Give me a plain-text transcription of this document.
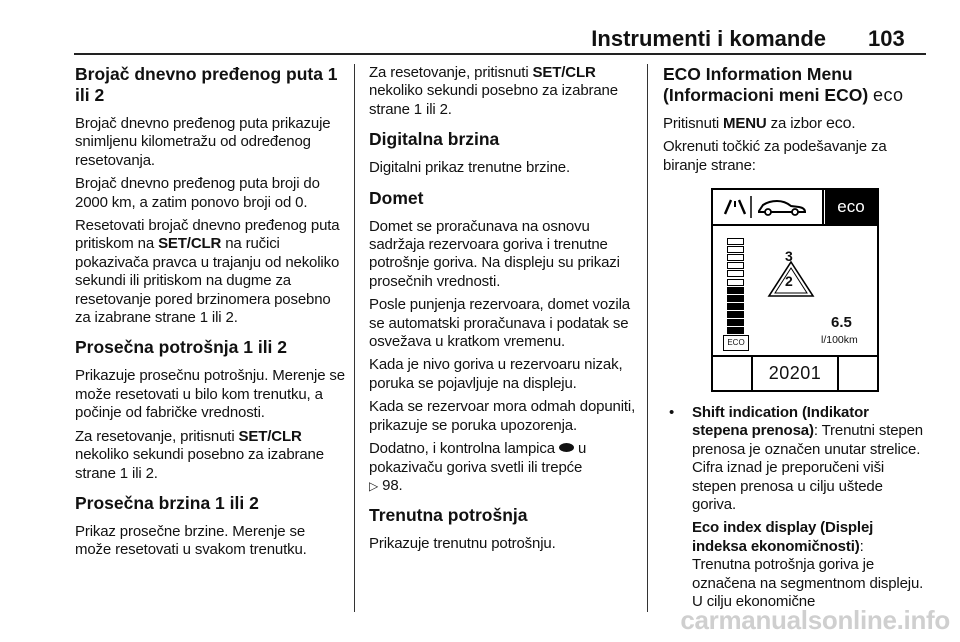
Instrumenti i komande 103
Brojač dnevno pređenog puta 1 ili 2

Brojač dnevno pređenog puta prikazuje snimljenu kilometražu od određenog resetovanja.

Brojač dnevno pređenog puta broji do 2000 km, a zatim ponovo broji od 0.

Resetovati brojač dnevno pređenog puta pritiskom na SET/CLR na ručici pokazivača pravca u trajanju od nekoliko sekundi ili pritiskom na dugme za resetovanje pored brzinomera posebno za izabrane strane 1 ili 2.

Prosečna potrošnja 1 ili 2

Prikazuje prosečnu potrošnju. Merenje se može resetovati u bilo kom trenutku, a počinje od fabričke vrednosti.

Za resetovanje, pritisnuti SET/CLR nekoliko sekundi posebno za izabrane strane 1 ili 2.

Prosečna brzina 1 ili 2

Prikaz prosečne brzine. Merenje se može resetovati u svakom trenutku.

Za resetovanje, pritisnuti SET/CLR nekoliko sekundi posebno za izabrane strane 1 ili 2.

Digitalna brzina

Digitalni prikaz trenutne brzine.

Domet

Domet se proračunava na osnovu sadržaja rezervoara goriva i trenutne potrošnje goriva. Na displeju su prikazi prosečnih vrednosti.

Posle punjenja rezervoara, domet vozila se automatski proračunava i podatak se osvežava u kratkom vremenu.

Kada je nivo goriva u rezervoaru nizak, poruka se pojavljuje na displeju.

Kada se rezervoar mora odmah dopuniti, prikazuje se poruka upozorenja.

Dodatno, i kontrolna lampica  u pokazivaču goriva svetli ili trepće
▷ 98.

Trenutna potrošnja

Prikazuje trenutnu potrošnju.

ECO Information Menu
(Informacioni meni ECO) eco

Pritisnuti MENU za izbor eco.

Okrenuti točkić za podešavanje za biranje strane:

• Shift indication (Indikator stepena prenosa): Trenutni stepen prenosa je označen unutar strelice. Cifra iznad je preporučeni viši stepen prenosa u cilju uštede goriva.

Eco index display (Displej indeksa ekonomičnosti): Trenutna potrošnja goriva je označena na segmentnom displeju. U cilju ekonomične

eco
ECO
3
2
6.5
l/100km
20201
carmanualsonline.info
